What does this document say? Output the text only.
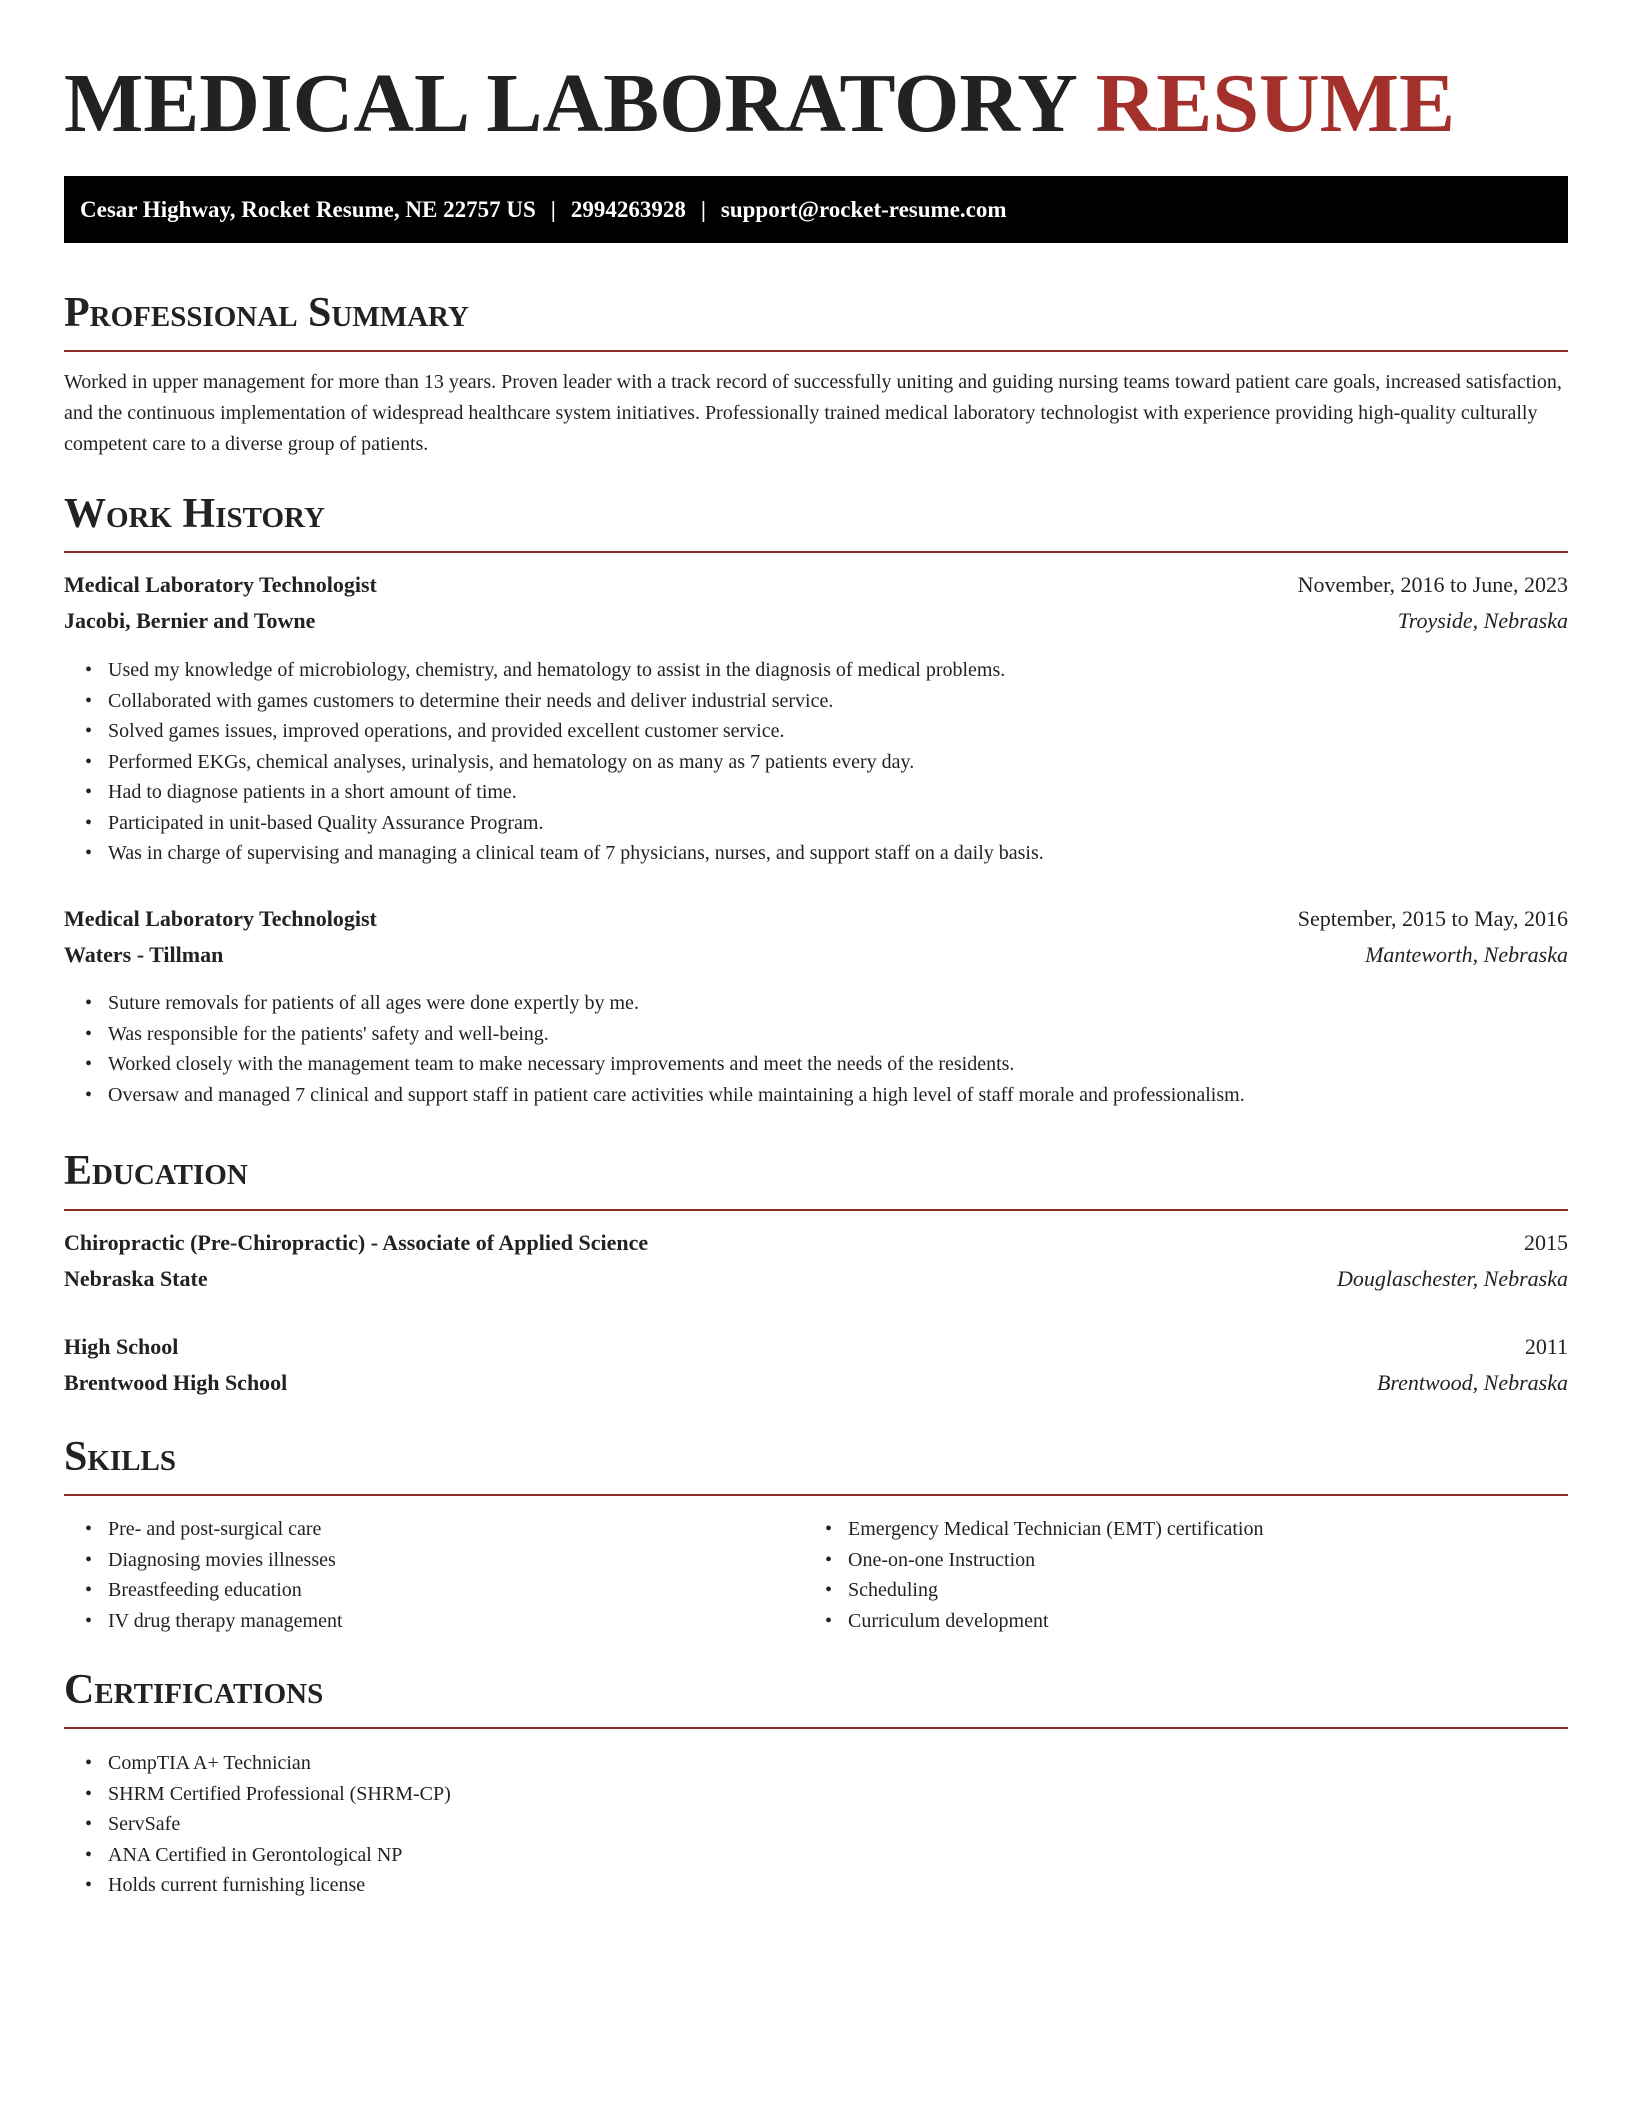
MEDICAL LABORATORY RESUME
Cesar Highway, Rocket Resume, NE 22757 US | 2994263928 | support@rocket-resume.com
Professional Summary

Worked in upper management for more than 13 years. Proven leader with a track record of successfully uniting and guiding nursing teams toward patient care goals, increased satisfaction, and the continuous implementation of widespread healthcare system initiatives. Professionally trained medical laboratory technologist with experience providing high-quality culturally competent care to a diverse group of patients.

Work History
Medical Laboratory Technologist	November, 2016 to June, 2023
Jacobi, Bernier and Towne	Troyside, Nebraska
• Used my knowledge of microbiology, chemistry, and hematology to assist in the diagnosis of medical problems.
• Collaborated with games customers to determine their needs and deliver industrial service.
• Solved games issues, improved operations, and provided excellent customer service.
• Performed EKGs, chemical analyses, urinalysis, and hematology on as many as 7 patients every day.
• Had to diagnose patients in a short amount of time.
• Participated in unit-based Quality Assurance Program.
• Was in charge of supervising and managing a clinical team of 7 physicians, nurses, and support staff on a daily basis.
Medical Laboratory Technologist	September, 2015 to May, 2016
Waters - Tillman	Manteworth, Nebraska
• Suture removals for patients of all ages were done expertly by me.
• Was responsible for the patients' safety and well-being.
• Worked closely with the management team to make necessary improvements and meet the needs of the residents.
• Oversaw and managed 7 clinical and support staff in patient care activities while maintaining a high level of staff morale and professionalism.
Education
Chiropractic (Pre-Chiropractic) - Associate of Applied Science	2015
Nebraska State	Douglaschester, Nebraska
High School	2011
Brentwood High School	Brentwood, Nebraska
Skills
• Pre- and post-surgical care
• Diagnosing movies illnesses
• Breastfeeding education
• IV drug therapy management
• Emergency Medical Technician (EMT) certification
• One-on-one Instruction
• Scheduling
• Curriculum development
Certifications
• CompTIA A+ Technician
• SHRM Certified Professional (SHRM-CP)
• ServSafe
• ANA Certified in Gerontological NP
• Holds current furnishing license
